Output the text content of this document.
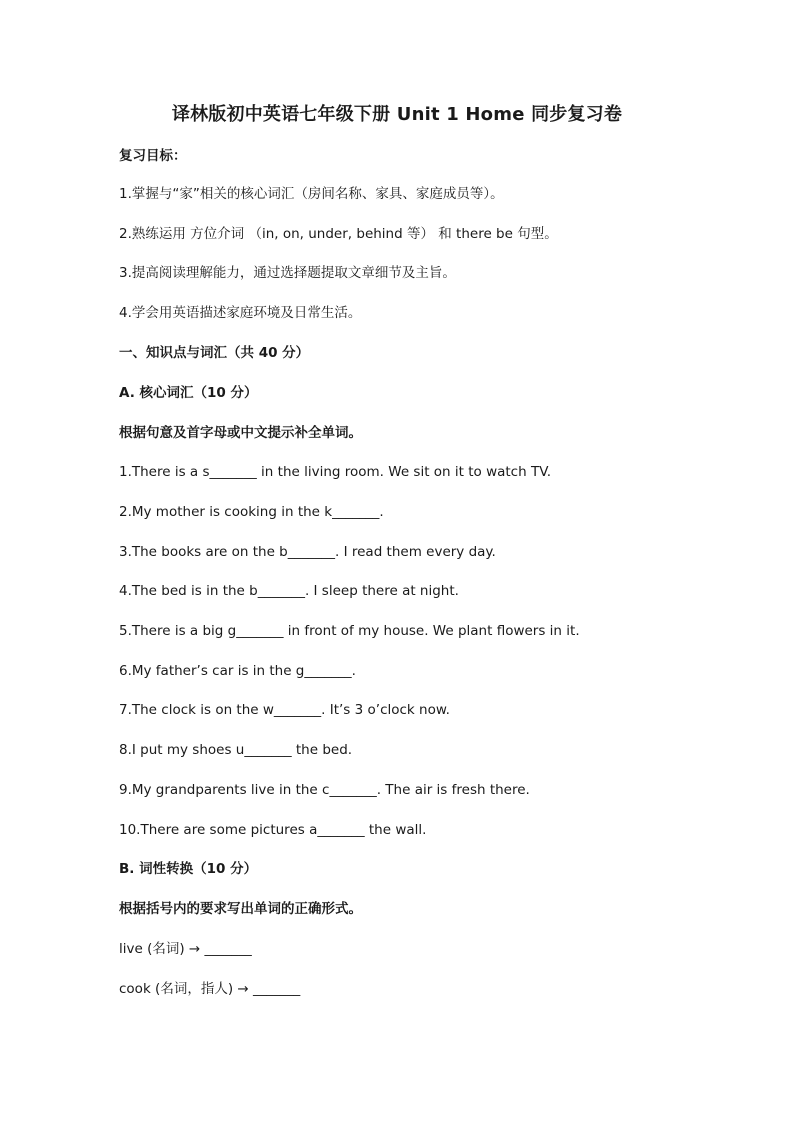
译林版初中英语七年级下册 Unit 1 Home 同步复习卷
复习目标：
1.掌握与“家”相关的核心词汇（房间名称、家具、家庭成员等）。
2.熟练运用 方位介词 （in, on, under, behind 等） 和 there be 句型。
3.提高阅读理解能力，通过选择题提取文章细节及主旨。
4.学会用英语描述家庭环境及日常生活。
一、知识点与词汇（共 40 分）
A. 核心词汇（10 分）
根据句意及首字母或中文提示补全单词。
1.There is a s_______ in the living room. We sit on it to watch TV.
2.My mother is cooking in the k_______.
3.The books are on the b_______. I read them every day.
4.The bed is in the b_______. I sleep there at night.
5.There is a big g_______ in front of my house. We plant flowers in it.
6.My father’s car is in the g_______.
7.The clock is on the w_______. It’s 3 o’clock now.
8.I put my shoes u_______ the bed.
9.My grandparents live in the c_______. The air is fresh there.
10.There are some pictures a_______ the wall.
B. 词性转换（10 分）
根据括号内的要求写出单词的正确形式。
live (名词) → _______
cook (名词，指人) → _______
